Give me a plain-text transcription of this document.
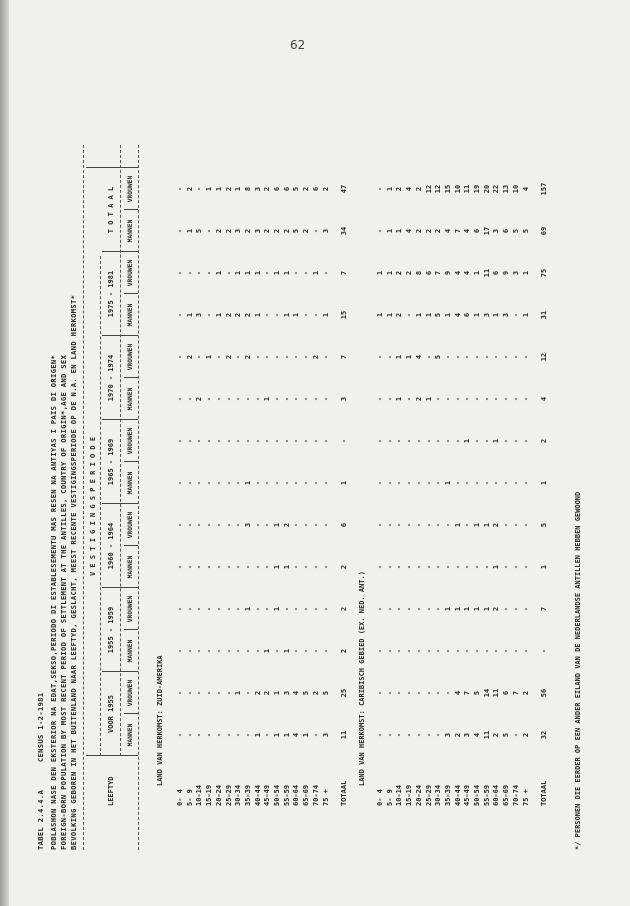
62
TABEL 2.4.4.A      CENSUS 1-2-1981 POBLASHON NASE DEN EKSTERIOR NA EDAT,SEKSO,PERIODO DI ESTABLESEMENTU MAS RESEN NA ANTIYAS I PAIS DI ORIGEN* FOREIGN-BORN POPULATION BY MOST RECENT PERIOD OF SETTLEMENT AT THE ANTILLES, COUNTRY OF ORIGIN*,AGE AND SEX BEVOLKING GEBOREN IN HET BUITENLAND NAAR LEEFTYD, GESLACHT, MEEST RECENTE VESTIGINGSPERIODE OP DE N.A. EN LAND HERKOMST* V E S T I G I N G S P E R I O D E
LEEFTYD	*/ PERSONEN DIE EERDER OP EEN ANDER EILAND VAN DE NEDERLANDSE ANTILLEN HEBBEN GEWOOND
VOOR 1955
MANNEN
VROUWEN
1955 - 1959 MANNEN
VROUWEN
1960 - 1964 MANNEN
VROUWEN
1965 - 1969 MANNEN
VROUWEN
1970 - 1974 MANNEN
VROUWEN
1975 - 1981 MANNEN
VROUWEN
T O T A A L MANNEN
VROUWEN
LAND VAN HERKOMST: ZUID-AMERIKA
0- 4
-
-
-
-
-
-
-
-
-
-
-
-
-
-
5- 9
-
-
-
-
-
-
-
-
-
2
1
-
1
2
10-14
-
-
-
-
-
-
-
-
2
-
3
-
5
-
15-19
-
-
-
-
-
-
-
-
-
1
-
-
-
1
20-24
-
-
-
-
-
-
-
-
-
-
1
1
2
1
25-29
-
-
-
-
-
-
-
-
-
2
2
-
2
2
30-34
-
1
-
-
-
-
-
-
-
-
2
1
3
1
35-39
-
-
-
1
-
3
1
-
-
2
2
1
2
8
40-44
1
2
-
-
-
-
-
-
-
-
1
1
3
3
45-49
-
2
1
-
-
-
-
-
1
-
-
-
2
2
50-54
1
1
-
1
1
1
-
-
-
-
-
1
2
6
55-59
1
3
1
-
1
2
-
-
-
-
1
1
2
6
60-64
4
4
-
-
-
-
-
-
-
-
1
-
5
5
65-69
1
5
-
-
-
-
-
-
-
-
-
-
2
2
70-74
-
2
-
-
-
-
-
-
-
2
-
1
-
6
75 +
3
5
-
-
-
-
-
-
-
-
1
-
3
2
TOTAAL
11
25
2
2
2
6
1
-
3
7
15
7
34
47
LAND VAN HERKOMST: CARIBISCH GEBIED (EX. NED. ANT.)
0- 4
-
-
-
-
-
-
-
-
-
-
1
1
-
-
5- 9
-
-
-
-
-
-
-
-
-
-
1
1
1
1
10-14
-
-
-
-
-
-
-
-
1
1
2
2
1
2
15-19
-
-
-
-
-
-
-
-
-
1
-
2
4
4
20-24
-
-
-
-
-
-
-
-
2
4
1
8
2
2
25-29
-
-
-
-
-
-
-
-
1
-
1
6
2
12
30-34
-
-
-
-
-
-
-
-
-
5
5
7
2
12
35-39
3
-
-
1
-
-
1
-
-
-
1
9
4
15
40-44
2
4
-
1
-
1
-
-
-
-
4
4
7
10
45-49
3
7
-
1
-
-
-
1
-
-
6
4
4
11
50-54
4
5
-
1
-
1
-
-
-
-
1
1
6
19
55-59
11
14
-
1
-
1
-
-
-
-
3
11
17
20
60-64
2
11
-
2
1
2
-
1
-
-
1
6
3
22
65-69
5
6
-
-
-
-
-
-
-
-
3
9
6
13
70-74
-
7
-
-
-
-
-
-
-
-
-
3
5
10
75 +
2
2
-
-
-
-
-
-
-
-
1
1
5
4
TOTAAL
32
56
-
7
1
5
1
2
4
12
31
75
69
157
